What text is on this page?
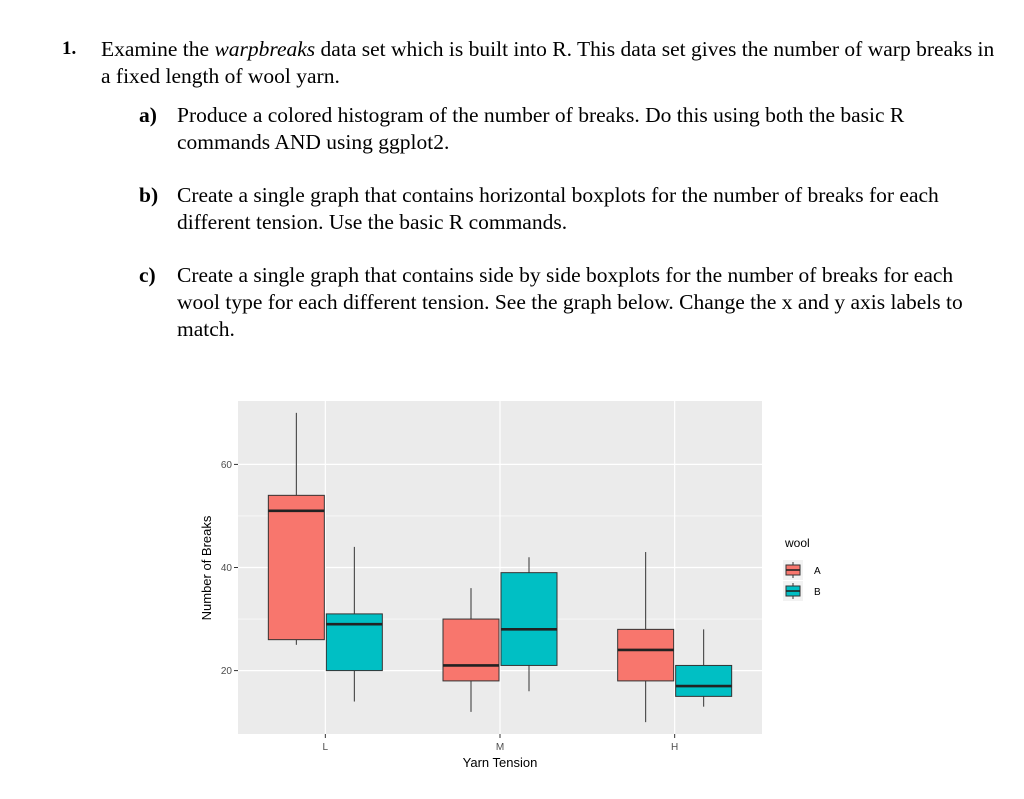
1. Examine the warpbreaks data set which is built into R. This data set gives the number of warp breaks in a fixed length of wool yarn.
a) Produce a colored histogram of the number of breaks. Do this using both the basic R commands AND using ggplot2.
b) Create a single graph that contains horizontal boxplots for the number of breaks for each different tension. Use the basic R commands.
c) Create a single graph that contains side by side boxplots for the number of breaks for each wool type for each different tension. See the graph below. Change the x and y axis labels to match.
20
40
60
L	M	H
Number of Breaks
Yarn Tension
wool
A
B
